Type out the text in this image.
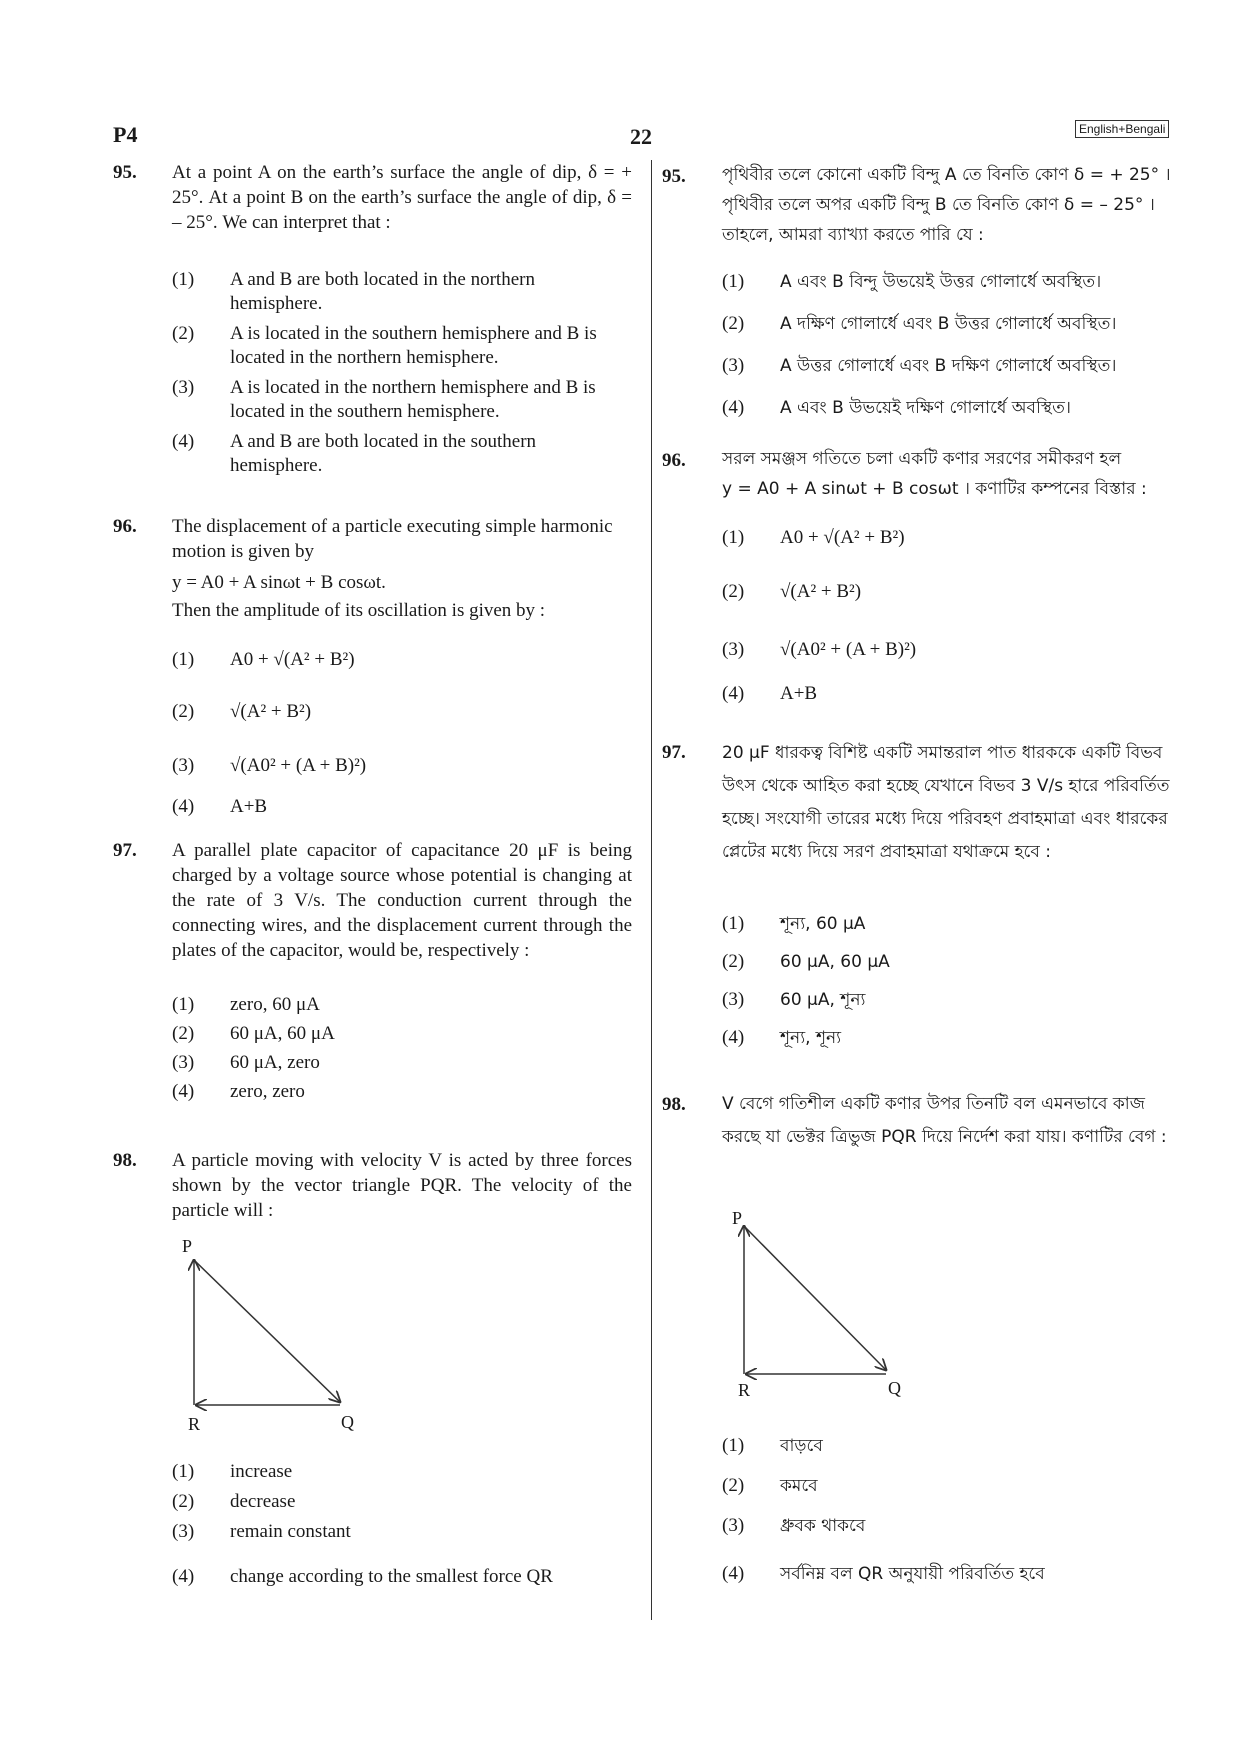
P4	22	English+Bengali
95. At a point A on the earth’s surface the angle of dip, δ = + 25°. At a point B on the earth’s surface the angle of dip, δ = – 25°. We can interpret that :
(1) A and B are both located in the northern hemisphere.
(2) A is located in the southern hemisphere and B is located in the northern hemisphere.
(3) A is located in the northern hemisphere and B is located in the southern hemisphere.
(4) A and B are both located in the southern hemisphere.
96. The displacement of a particle executing simple harmonic motion is given by
y = A0 + A sinωt + B cosωt.
Then the amplitude of its oscillation is given by :
(1) A0 + √(A² + B²)
(2) √(A² + B²)
(3) √(A0² + (A + B)²)
(4) A+B
97. A parallel plate capacitor of capacitance 20 μF is being charged by a voltage source whose potential is changing at the rate of 3 V/s. The conduction current through the connecting wires, and the displacement current through the plates of the capacitor, would be, respectively :
(1) zero, 60 μA
(2) 60 μA, 60 μA
(3) 60 μA, zero
(4) zero, zero
98. A particle moving with velocity V is acted by three forces shown by the vector triangle PQR. The velocity of the particle will :
P
R	Q
(1) increase
(2) decrease
(3) remain constant
(4) change according to the smallest force QR
95. পৃথিবীর তলে কোনো একটি বিন্দু A তে বিনতি কোণ δ = + 25° । পৃথিবীর তলে অপর একটি বিন্দু B তে বিনতি কোণ δ = – 25° । তাহলে, আমরা ব্যাখ্যা করতে পারি যে :
(1) A এবং B বিন্দু উভয়েই উত্তর গোলার্ধে অবস্থিত।
(2) A দক্ষিণ গোলার্ধে এবং B উত্তর গোলার্ধে অবস্থিত।
(3) A উত্তর গোলার্ধে এবং B দক্ষিণ গোলার্ধে অবস্থিত।
(4) A এবং B উভয়েই দক্ষিণ গোলার্ধে অবস্থিত।
96. সরল সমঞ্জস গতিতে চলা একটি কণার সরণের সমীকরণ হল
y = A0 + A sinωt + B cosωt । কণাটির কম্পনের বিস্তার :
(1) A0 + √(A² + B²)
(2) √(A² + B²)
(3) √(A0² + (A + B)²)
(4) A+B
97. 20 μF ধারকত্ব বিশিষ্ট একটি সমান্তরাল পাত ধারককে একটি বিভব উৎস থেকে আহিত করা হচ্ছে যেখানে বিভব 3 V/s হারে পরিবর্তিত হচ্ছে। সংযোগী তারের মধ্যে দিয়ে পরিবহণ প্রবাহমাত্রা এবং ধারকের প্লেটের মধ্যে দিয়ে সরণ প্রবাহমাত্রা যথাক্রমে হবে :
(1) শূন্য, 60 μA
(2) 60 μA, 60 μA
(3) 60 μA, শূন্য
(4) শূন্য, শূন্য
98. V বেগে গতিশীল একটি কণার উপর তিনটি বল এমনভাবে কাজ করছে যা ভেক্টর ত্রিভুজ PQR দিয়ে নির্দেশ করা যায়। কণাটির বেগ :
P
R	Q
(1) বাড়বে
(2) কমবে
(3) ধ্রুবক থাকবে
(4) সর্বনিম্ন বল QR অনুযায়ী পরিবর্তিত হবে
